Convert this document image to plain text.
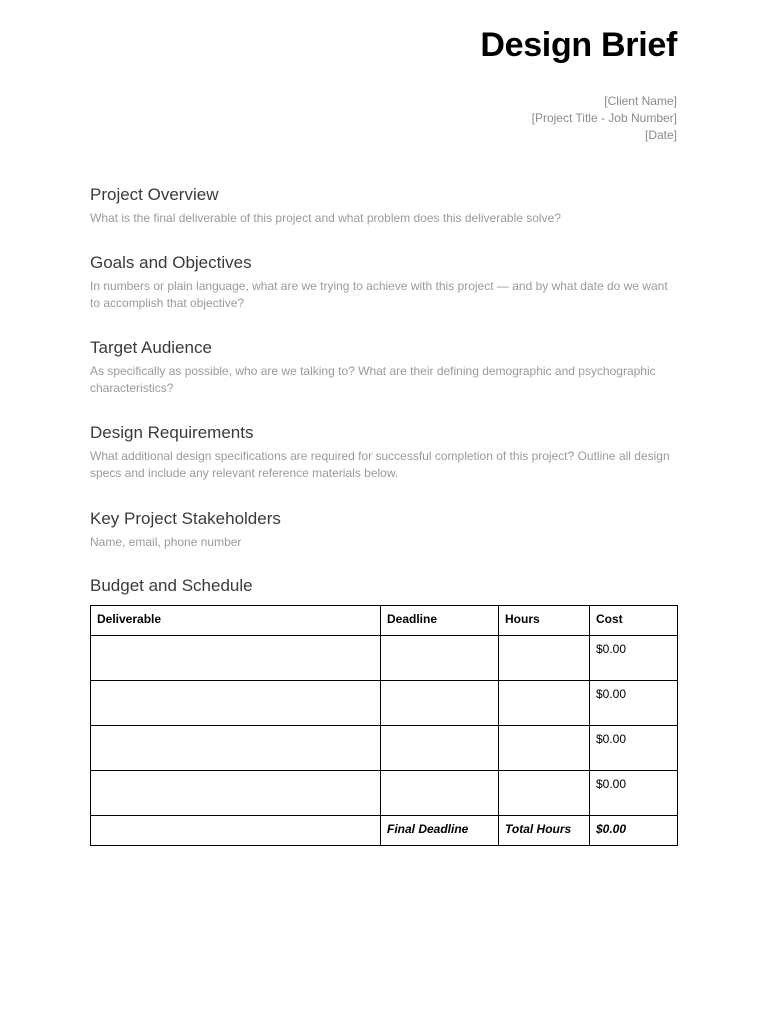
Design Brief
[Client Name]
[Project Title - Job Number]
[Date]
Project Overview

What is the final deliverable of this project and what problem does this deliverable solve?

Goals and Objectives

In numbers or plain language, what are we trying to achieve with this project — and by what date do we want to accomplish that objective?

Target Audience

As specifically as possible, who are we talking to? What are their defining demographic and psychographic characteristics?

Design Requirements

What additional design specifications are required for successful completion of this project? Outline all design specs and include any relevant reference materials below.

Key Project Stakeholders

Name, email, phone number

Budget and Schedule
Deliverable	Deadline	Hours	Cost
			$0.00
			$0.00
			$0.00
			$0.00
	Final Deadline	Total Hours	$0.00
